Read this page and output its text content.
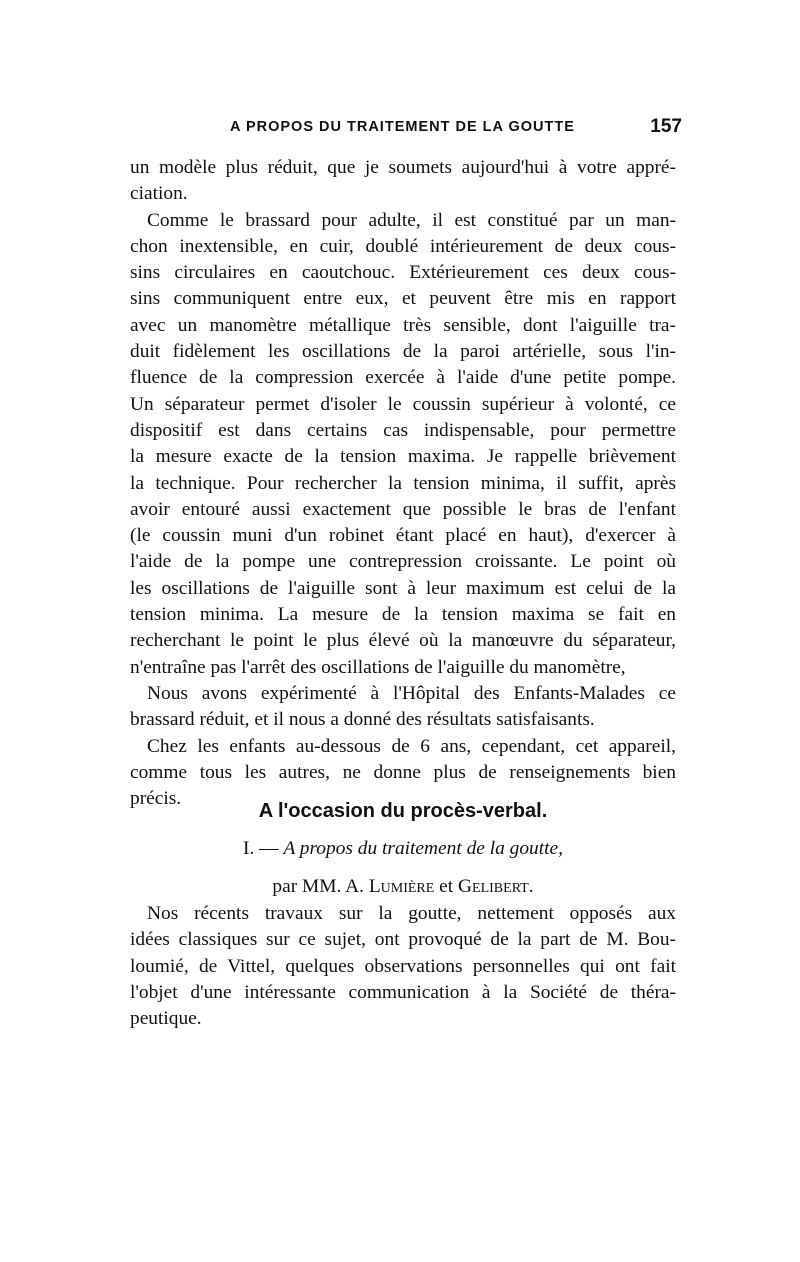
A PROPOS DU TRAITEMENT DE LA GOUTTE	157

un modèle plus réduit, que je soumets aujourd'hui à votre appré-
ciation.

Comme le brassard pour adulte, il est constitué par un man-
chon inextensible, en cuir, doublé intérieurement de deux cous-
sins circulaires en caoutchouc. Extérieurement ces deux cous-
sins communiquent entre eux, et peuvent être mis en rapport
avec un manomètre métallique très sensible, dont l'aiguille tra-
duit fidèlement les oscillations de la paroi artérielle, sous l'in-
fluence de la compression exercée à l'aide d'une petite pompe.
Un séparateur permet d'isoler le coussin supérieur à volonté, ce
dispositif est dans certains cas indispensable, pour permettre
la mesure exacte de la tension maxima. Je rappelle brièvement
la technique. Pour rechercher la tension minima, il suffit, après
avoir entouré aussi exactement que possible le bras de l'enfant
(le coussin muni d'un robinet étant placé en haut), d'exercer à
l'aide de la pompe une contrepression croissante. Le point où
les oscillations de l'aiguille sont à leur maximum est celui de la
tension minima. La mesure de la tension maxima se fait en
recherchant le point le plus élevé où la manœuvre du séparateur,
n'entraîne pas l'arrêt des oscillations de l'aiguille du manomètre,

Nous avons expérimenté à l'Hôpital des Enfants-Malades ce
brassard réduit, et il nous a donné des résultats satisfaisants.

Chez les enfants au-dessous de 6 ans, cependant, cet appareil,
comme tous les autres, ne donne plus de renseignements bien
précis.

A l'occasion du procès-verbal.
I. — A propos du traitement de la goutte,
par MM. A. Lumière et Gelibert.

Nos récents travaux sur la goutte, nettement opposés aux
idées classiques sur ce sujet, ont provoqué de la part de M. Bou-
loumié, de Vittel, quelques observations personnelles qui ont fait
l'objet d'une intéressante communication à la Société de théra-
peutique.
